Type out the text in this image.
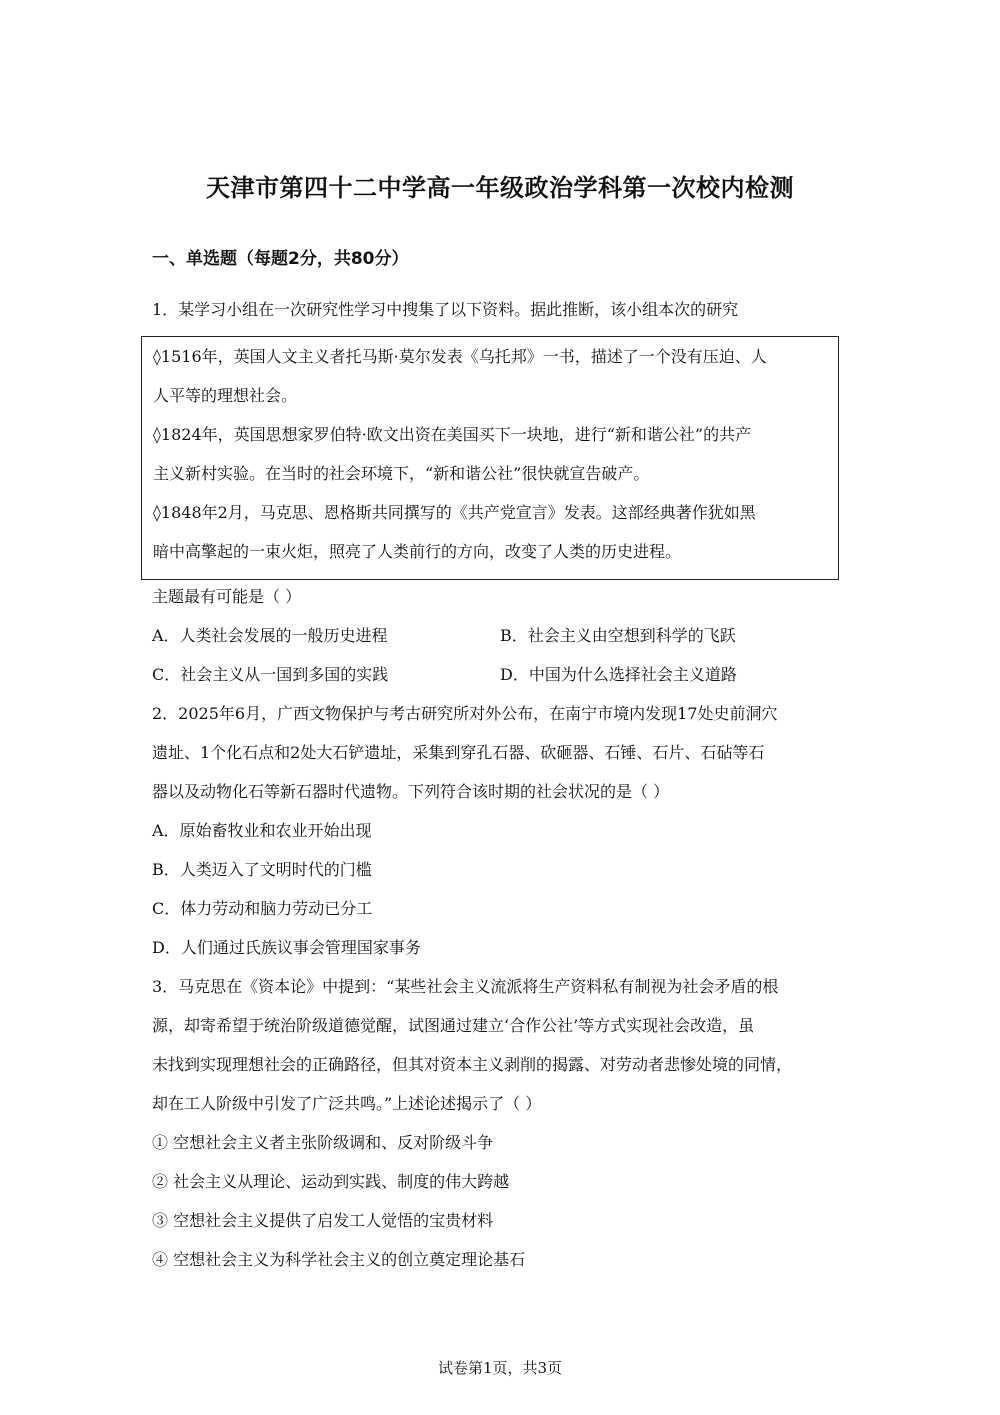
天津市第四十二中学高一年级政治学科第一次校内检测
一、单选题（每题2分，共80分）
1．某学习小组在一次研究性学习中搜集了以下资料。据此推断，该小组本次的研究
◊1516年，英国人文主义者托马斯·莫尔发表《乌托邦》一书，描述了一个没有压迫、人
人平等的理想社会。
◊1824年，英国思想家罗伯特·欧文出资在美国买下一块地，进行“新和谐公社”的共产
主义新村实验。在当时的社会环境下，“新和谐公社”很快就宣告破产。
◊1848年2月，马克思、恩格斯共同撰写的《共产党宣言》发表。这部经典著作犹如黑
暗中高擎起的一束火炬，照亮了人类前行的方向，改变了人类的历史进程。
主题最有可能是（ ）
A．人类社会发展的一般历史进程	B．社会主义由空想到科学的飞跃
C．社会主义从一国到多国的实践	D．中国为什么选择社会主义道路
2．2025年6月，广西文物保护与考古研究所对外公布，在南宁市境内发现17处史前洞穴
遗址、1个化石点和2处大石铲遗址，采集到穿孔石器、砍砸器、石锤、石片、石砧等石
器以及动物化石等新石器时代遗物。下列符合该时期的社会状况的是（ ）
A．原始畜牧业和农业开始出现
B．人类迈入了文明时代的门槛
C．体力劳动和脑力劳动已分工
D．人们通过氏族议事会管理国家事务
3．马克思在《资本论》中提到：“某些社会主义流派将生产资料私有制视为社会矛盾的根
源，却寄希望于统治阶级道德觉醒，试图通过建立‘合作公社’等方式实现社会改造，虽
未找到实现理想社会的正确路径，但其对资本主义剥削的揭露、对劳动者悲惨处境的同情，
却在工人阶级中引发了广泛共鸣。”上述论述揭示了（ ）
① 空想社会主义者主张阶级调和、反对阶级斗争
② 社会主义从理论、运动到实践、制度的伟大跨越
③ 空想社会主义提供了启发工人觉悟的宝贵材料
④ 空想社会主义为科学社会主义的创立奠定理论基石
试卷第1页，共3页
